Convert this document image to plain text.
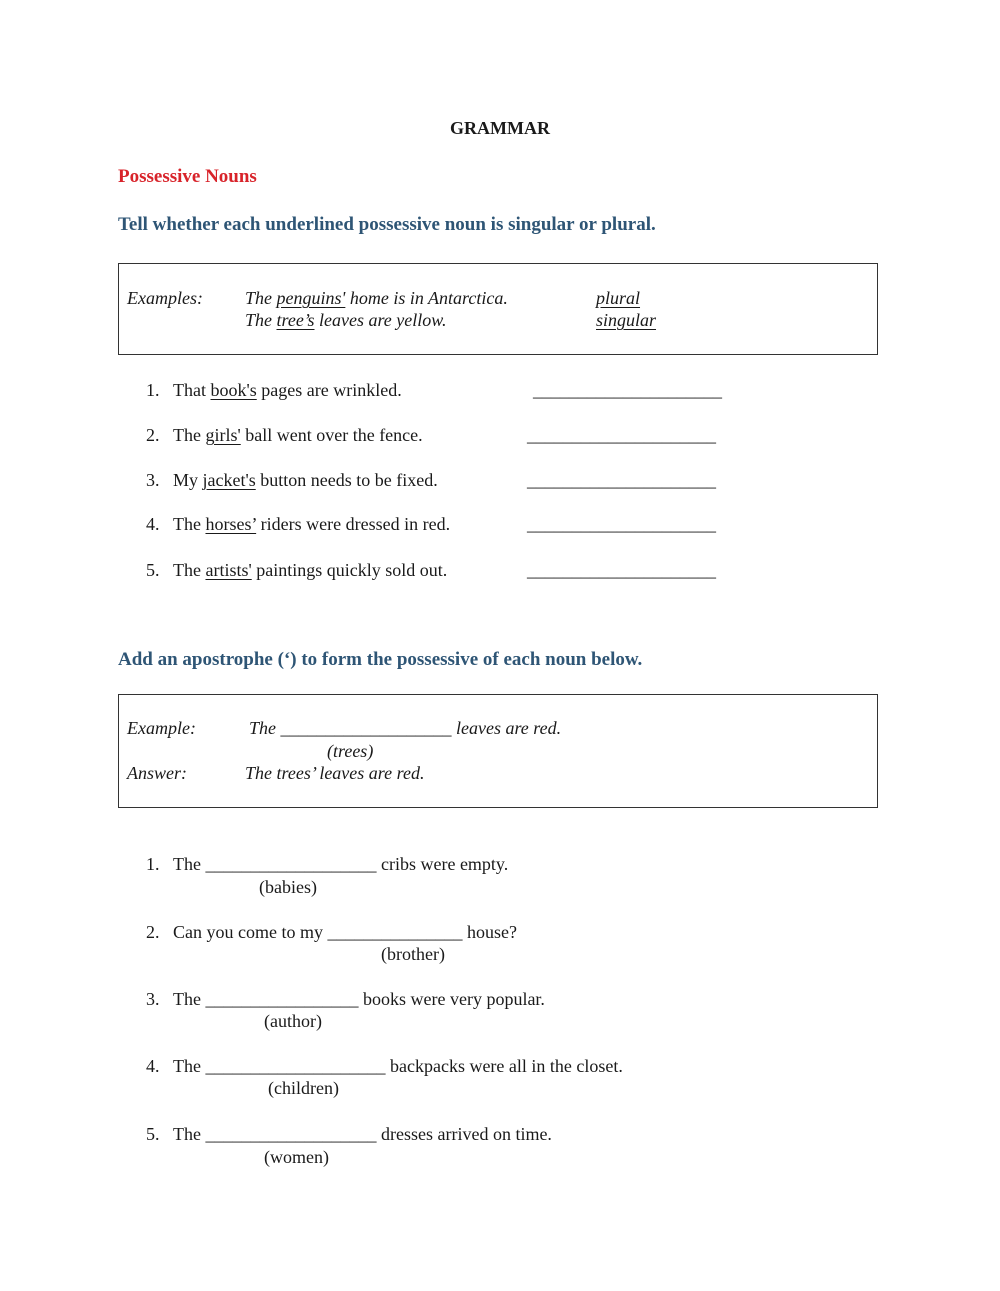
GRAMMAR
Possessive Nouns
Tell whether each underlined possessive noun is singular or plural.
Examples: The penguins' home is in Antarctica.	plural
The tree’s leaves are yellow.	singular
1. That book's pages are wrinkled.	_____________________
2. The girls' ball went over the fence.	_____________________
3. My jacket's button needs to be fixed.	_____________________
4. The horses’ riders were dressed in red.	_____________________
5. The artists' paintings quickly sold out.	_____________________
Add an apostrophe (‘) to form the possessive of each noun below.
Example:	The ___________________ leaves are red.
(trees)
Answer:	The trees’ leaves are red.
1. The ___________________ cribs were empty.
(babies)
2. Can you come to my _______________ house?
(brother)
3. The _________________ books were very popular.
(author)
4. The ____________________ backpacks were all in the closet.
(children)
5. The ___________________ dresses arrived on time.
(women)
